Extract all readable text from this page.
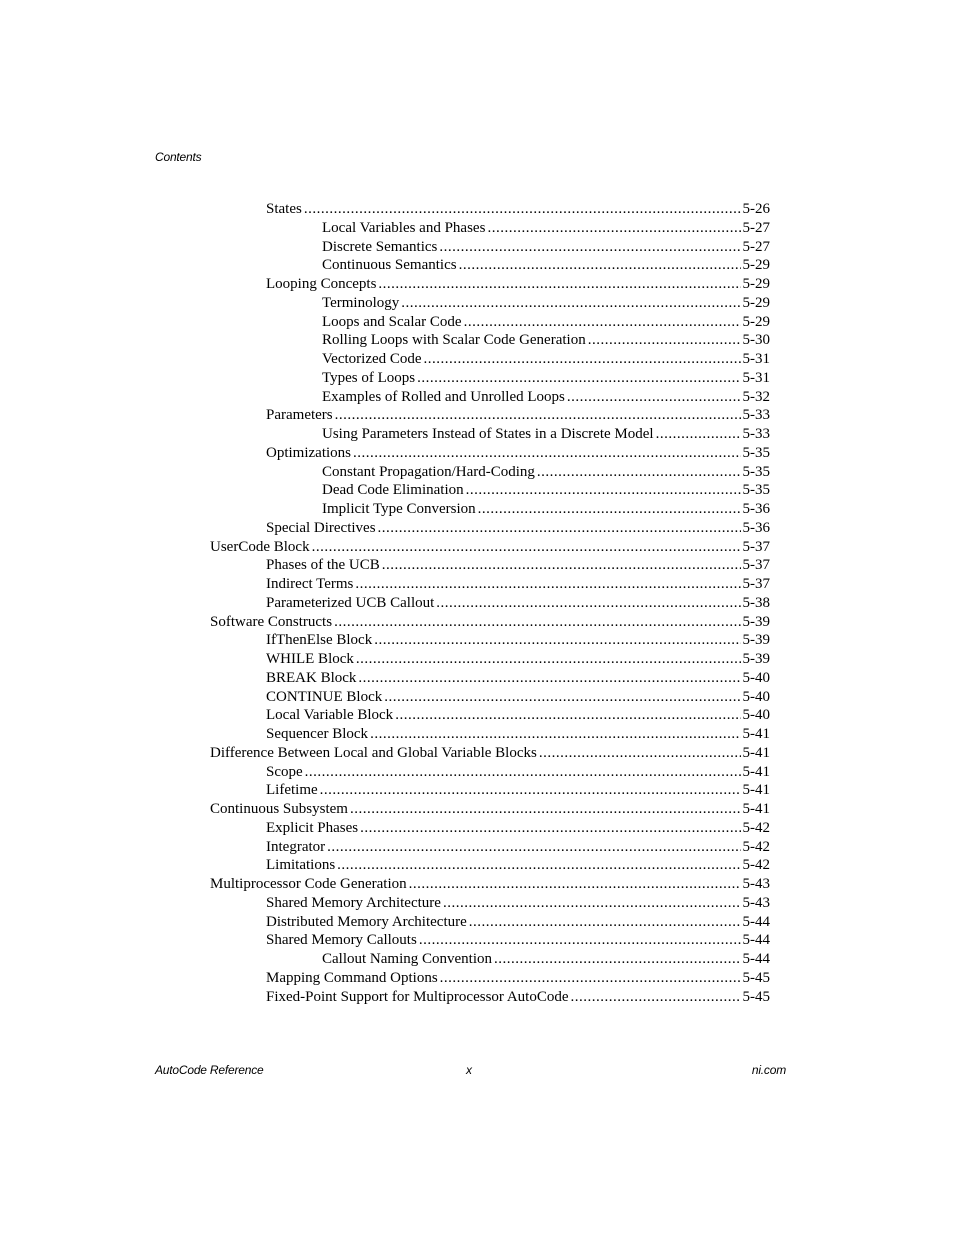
Contents
States .....	5-26
Local Variables and Phases .....	5-27
Discrete Semantics .....	5-27
Continuous Semantics .....	5-29
Looping Concepts .....	5-29
Terminology .....	5-29
Loops and Scalar Code .....	5-29
Rolling Loops with Scalar Code Generation .....	5-30
Vectorized Code .....	5-31
Types of Loops .....	5-31
Examples of Rolled and Unrolled Loops .....	5-32
Parameters .....	5-33
Using Parameters Instead of States in a Discrete Model .....	5-33
Optimizations .....	5-35
Constant Propagation/Hard-Coding .....	5-35
Dead Code Elimination .....	5-35
Implicit Type Conversion .....	5-36
Special Directives .....	5-36
UserCode Block .....	5-37
Phases of the UCB .....	5-37
Indirect Terms .....	5-37
Parameterized UCB Callout .....	5-38
Software Constructs .....	5-39
IfThenElse Block .....	5-39
WHILE Block .....	5-39
BREAK Block .....	5-40
CONTINUE Block .....	5-40
Local Variable Block .....	5-40
Sequencer Block .....	5-41
Difference Between Local and Global Variable Blocks .....	5-41
Scope .....	5-41
Lifetime .....	5-41
Continuous Subsystem .....	5-41
Explicit Phases .....	5-42
Integrator .....	5-42
Limitations .....	5-42
Multiprocessor Code Generation .....	5-43
Shared Memory Architecture .....	5-43
Distributed Memory Architecture .....	5-44
Shared Memory Callouts .....	5-44
Callout Naming Convention .....	5-44
Mapping Command Options .....	5-45
Fixed-Point Support for Multiprocessor AutoCode .....	5-45
AutoCode Reference	x	ni.com
